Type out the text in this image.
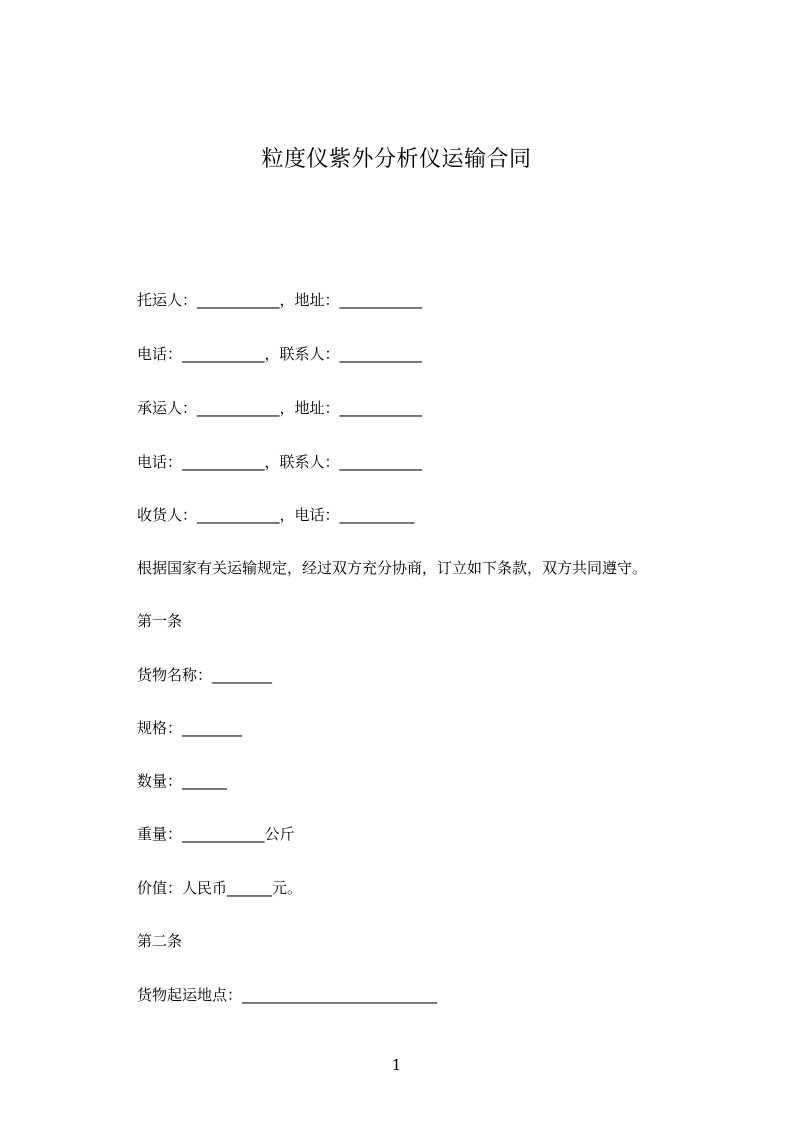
粒度仪紫外分析仪运输合同
托运人：___________，地址：___________
电话：___________，联系人：___________
承运人：___________，地址：___________
电话：___________，联系人：___________
收货人：___________，电话：__________
根据国家有关运输规定，经过双方充分协商，订立如下条款，双方共同遵守。
第一条
货物名称：________
规格：________
数量：______
重量：___________公斤
价值：人民币______元。
第二条
货物起运地点：__________________________
1
